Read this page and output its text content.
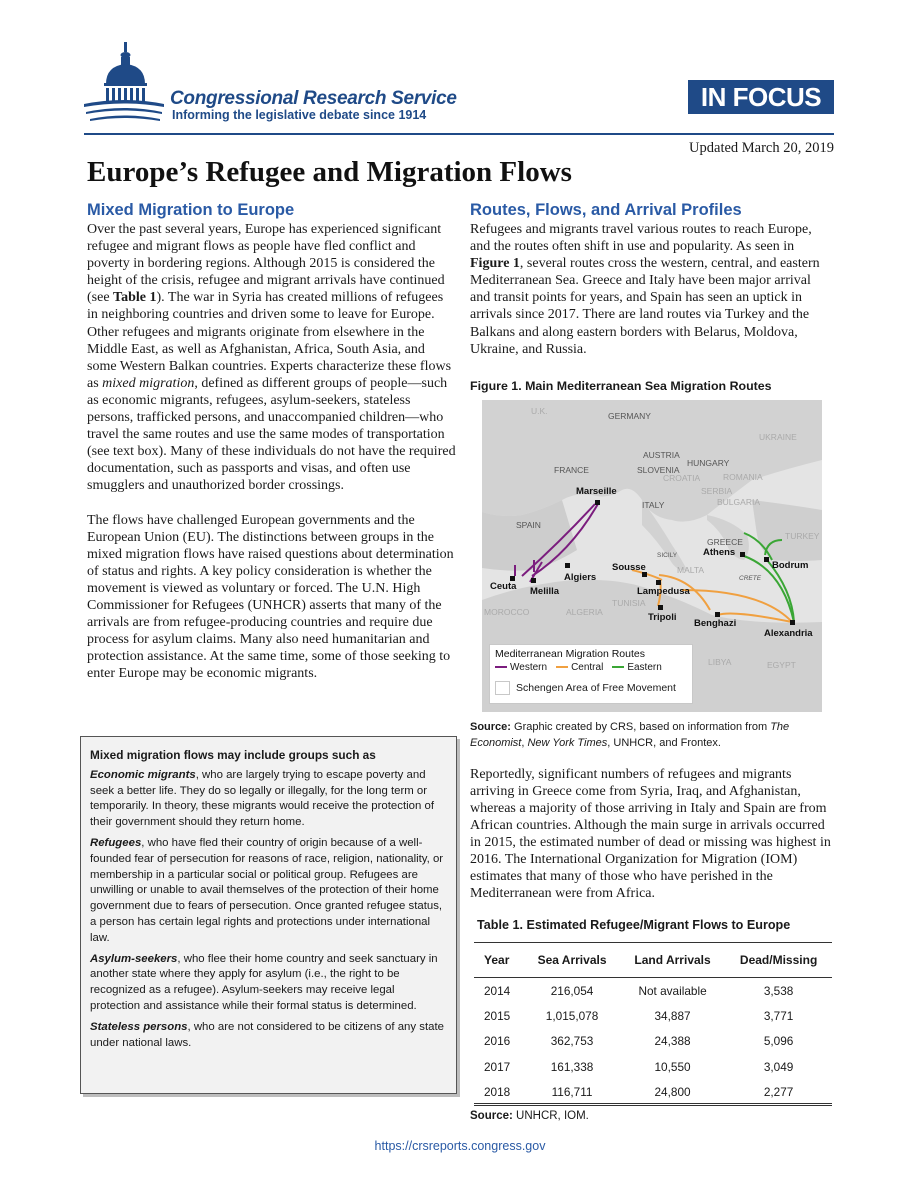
Congressional Research Service
Informing the legislative debate since 1914
IN FOCUS
Updated March 20, 2019
Europe’s Refugee and Migration Flows
Mixed Migration to Europe

Over the past several years, Europe has experienced significant refugee and migrant flows as people have fled conflict and poverty in bordering regions. Although 2015 is considered the height of the crisis, refugee and migrant arrivals have continued (see Table 1). The war in Syria has created millions of refugees in neighboring countries and driven some to leave for Europe. Other refugees and migrants originate from elsewhere in the Middle East, as well as Afghanistan, Africa, South Asia, and some Western Balkan countries. Experts characterize these flows as mixed migration, defined as different groups of people—such as economic migrants, refugees, asylum-seekers, stateless persons, trafficked persons, and unaccompanied children—who travel the same routes and use the same modes of transportation (see text box). Many of these individuals do not have the required documentation, such as passports and visas, and often use smugglers and unauthorized border crossings.

The flows have challenged European governments and the European Union (EU). The distinctions between groups in the mixed migration flows have raised questions about determination of status and rights. A key policy consideration is whether the movement is viewed as voluntary or forced. The U.N. High Commissioner for Refugees (UNHCR) asserts that many of the arrivals are from refugee-producing countries and require due process for asylum claims. Many also need humanitarian and protection assistance. At the same time, some of those seeking to enter Europe may be economic migrants.

Mixed migration flows may include groups such as
Economic migrants, who are largely trying to escape poverty and seek a better life. They do so legally or illegally, for the long term or temporarily. In theory, these migrants would receive the protection of their government should they return home.
Refugees, who have fled their country of origin because of a well-founded fear of persecution for reasons of race, religion, nationality, or membership in a particular social or political group. Refugees are unwilling or unable to avail themselves of the protection of their home government due to fears of persecution. Once granted refugee status, a person has certain legal rights and protections under international law.
Asylum-seekers, who flee their home country and seek sanctuary in another state where they apply for asylum (i.e., the right to be recognized as a refugee). Asylum-seekers may receive legal protection and assistance while their formal status is determined.
Stateless persons, who are not considered to be citizens of any state under national laws.
Routes, Flows, and Arrival Profiles

Refugees and migrants travel various routes to reach Europe, and the routes often shift in use and popularity. As seen in Figure 1, several routes cross the western, central, and eastern Mediterranean Sea. Greece and Italy have been major arrival and transit points for years, and Spain has seen an uptick in arrivals since 2017. There are land routes via Turkey and the Balkans and along eastern borders with Belarus, Moldova, Ukraine, and Russia.

Figure 1. Main Mediterranean Sea Migration Routes
U.K.	GERMANY
UKRAINE
FRANCE
AUSTRIA
HUNGARY
SLOVENIA
CROATIA	ROMANIA
SERBIA
BULGARIA
ITALY
SPAIN
GREECE
TURKEY
SICILY
MALTA
CRETE
TUNISIA
MOROCCO	ALGERIA
LIBYA	EGYPT
Marseille
Athens
Bodrum
Ceuta Melilla
Algiers
Sousse
Lampedusa
Tripoli
Benghazi
Alexandria
Mediterranean Migration Routes
Western Central Eastern
Schengen Area of Free Movement
Source: Graphic created by CRS, based on information from The Economist, New York Times, UNHCR, and Frontex.

Reportedly, significant numbers of refugees and migrants arriving in Greece come from Syria, Iraq, and Afghanistan, whereas a majority of those arriving in Italy and Spain are from African countries. Although the main surge in arrivals occurred in 2015, the estimated number of dead or missing was highest in 2016. The International Organization for Migration (IOM) estimates that many of those who have perished in the Mediterranean were from Africa.

Table 1. Estimated Refugee/Migrant Flows to Europe
Year	Sea Arrivals	Land Arrivals	Dead/Missing
2014	216,054	Not available	3,538
2015	1,015,078	34,887	3,771
2016	362,753	24,388	5,096
2017	161,338	10,550	3,049
2018	116,711	24,800	2,277
Source: UNHCR, IOM.
https://crsreports.congress.gov
